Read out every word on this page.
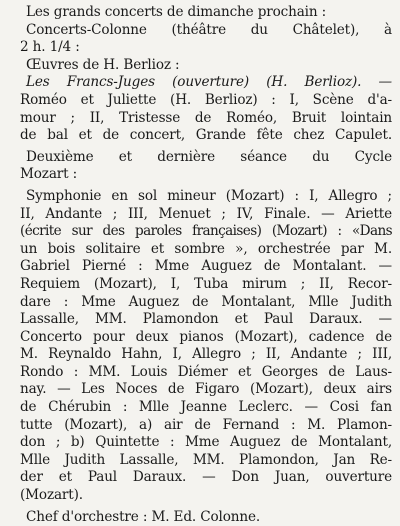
Les grands concerts de dimanche prochain :
Concerts-Colonne (théâtre du Châtelet), à
2 h. 1/4 :
Œuvres de H. Berlioz :
Les Francs-Juges (ouverture) (H. Berlioz). —
Roméo et Juliette (H. Berlioz) : I, Scène d'a-
mour ; II, Tristesse de Roméo, Bruit lointain
de bal et de concert, Grande fête chez Capulet.
Deuxième et dernière séance du Cycle
Mozart :
Symphonie en sol mineur (Mozart) : I, Allegro ;
II, Andante ; III, Menuet ; IV, Finale. — Ariette
(écrite sur des paroles françaises) (Mozart) : «Dans
un bois solitaire et sombre », orchestrée par M.
Gabriel Pierné : Mme Auguez de Montalant. —
Requiem (Mozart), I, Tuba mirum ; II, Recor-
dare : Mme Auguez de Montalant, Mlle Judith
Lassalle, MM. Plamondon et Paul Daraux. —
Concerto pour deux pianos (Mozart), cadence de
M. Reynaldo Hahn, I, Allegro ; II, Andante ; III,
Rondo : MM. Louis Diémer et Georges de Laus-
nay. — Les Noces de Figaro (Mozart), deux airs
de Chérubin : Mlle Jeanne Leclerc. — Cosi fan
tutte (Mozart), a) air de Fernand : M. Plamon-
don ; b) Quintette : Mme Auguez de Montalant,
Mlle Judith Lassalle, MM. Plamondon, Jan Re-
der et Paul Daraux. — Don Juan, ouverture
(Mozart).
Chef d'orchestre : M. Ed. Colonne.
